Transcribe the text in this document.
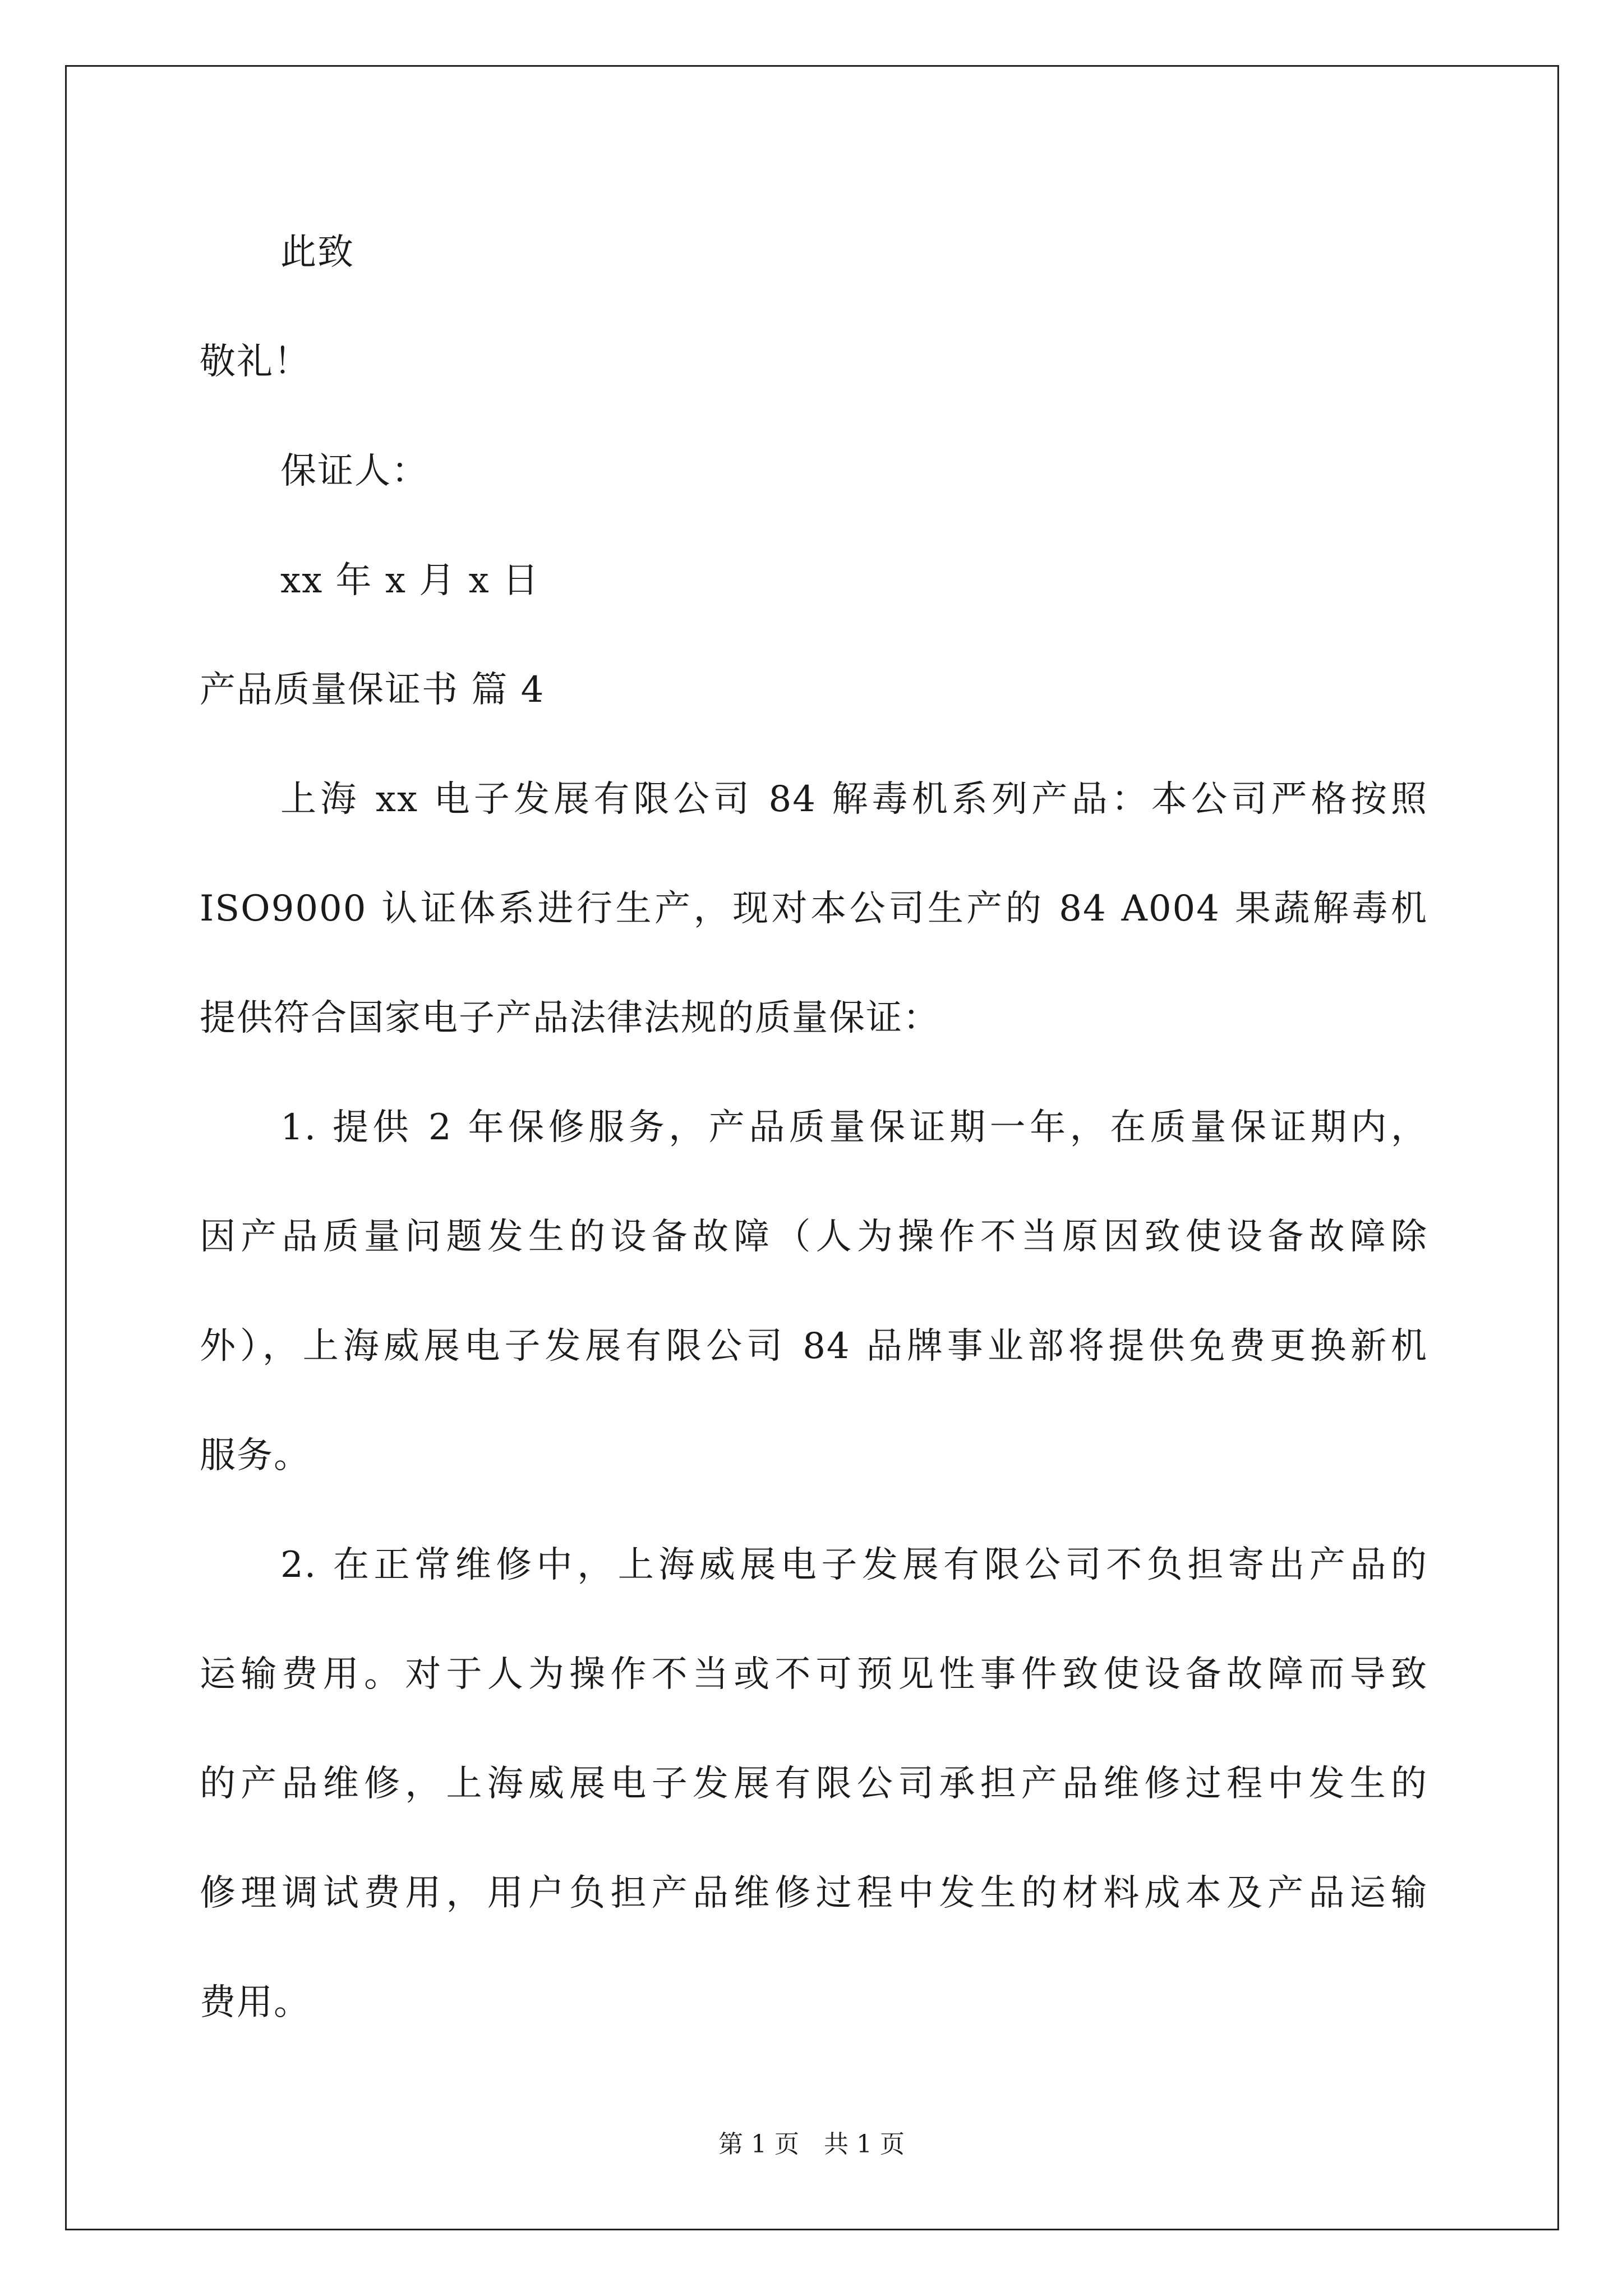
此致
敬礼！
保证人：
xx 年 x 月 x 日
产品质量保证书 篇 4
上海 xx 电子发展有限公司 84 解毒机系列产品：本公司严格按照
ISO9000 认证体系进行生产，现对本公司生产的 84 A004 果蔬解毒机
提供符合国家电子产品法律法规的质量保证：
1. 提供 2 年保修服务，产品质量保证期一年，在质量保证期内，
因产品质量问题发生的设备故障（人为操作不当原因致使设备故障除
外），上海威展电子发展有限公司 84 品牌事业部将提供免费更换新机
服务。
2. 在正常维修中，上海威展电子发展有限公司不负担寄出产品的
运输费用。对于人为操作不当或不可预见性事件致使设备故障而导致
的产品维修，上海威展电子发展有限公司承担产品维修过程中发生的
修理调试费用，用户负担产品维修过程中发生的材料成本及产品运输
费用。
第 1 页　共 1 页
